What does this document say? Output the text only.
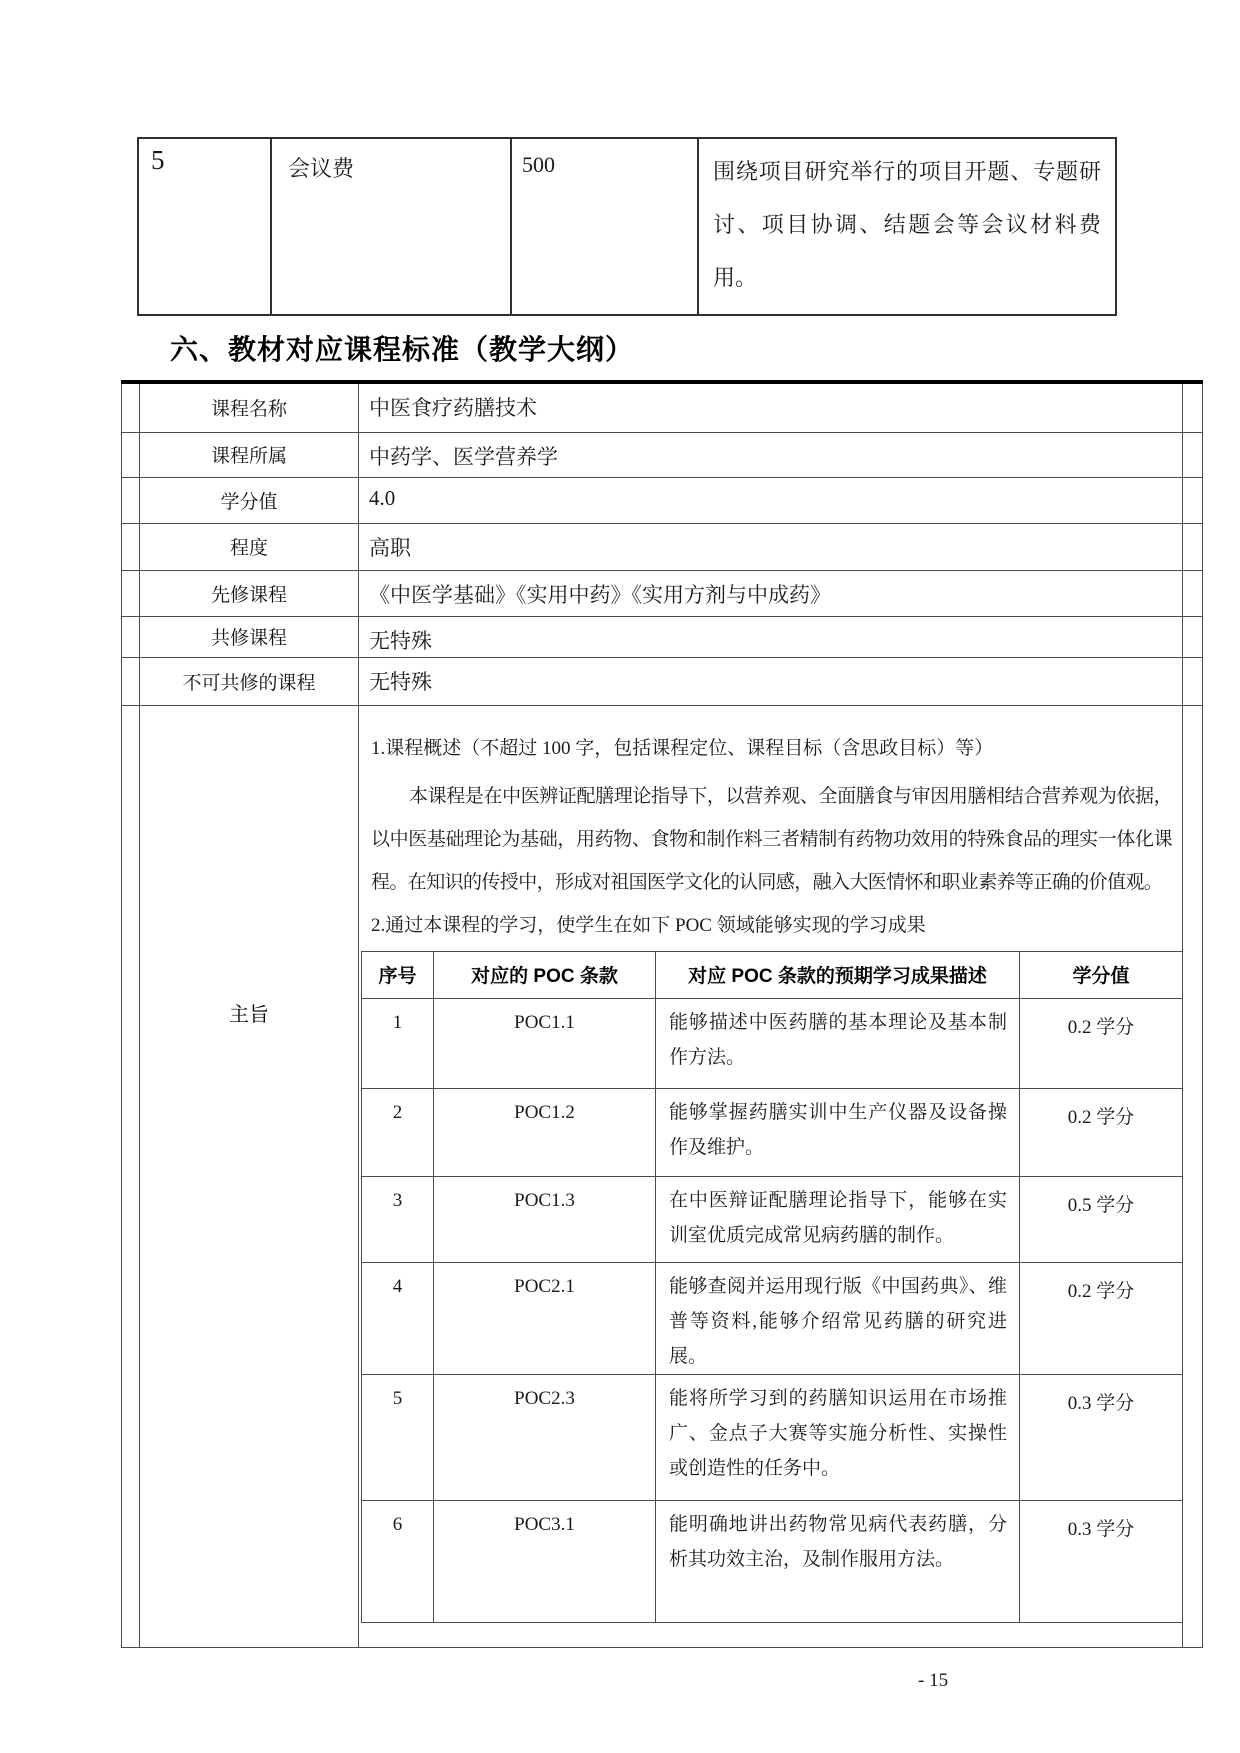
5	会议费	500	围绕项目研究举行的项目开题、专题研讨、项目协调、结题会等会议材料费用。
六、教材对应课程标准（教学大纲）
	课程名称	中医食疗药膳技术	
	课程所属	中药学、医学营养学	
	学分值	4.0	
	程度	高职	
	先修课程	《中医学基础》《实用中药》《实用方剂与中成药》	
	共修课程	无特殊	
	不可共修的课程	无特殊	

主旨

1.课程概述（不超过 100 字，包括课程定位、课程目标（含思政目标）等）
本课程是在中医辨证配膳理论指导下，以营养观、全面膳食与审因用膳相结合营养观为依据，以中医基础理论为基础，用药物、食物和制作料三者精制有药物功效用的特殊食品的理实一体化课程。在知识的传授中，形成对祖国医学文化的认同感，融入大医情怀和职业素养等正确的价值观。
2.通过本课程的学习，使学生在如下 POC 领域能够实现的学习成果
序号	对应的 POC 条款	对应 POC 条款的预期学习成果描述	学分值
1	POC1.1	能够描述中医药膳的基本理论及基本制作方法。	0.2 学分
2	POC1.2	能够掌握药膳实训中生产仪器及设备操作及维护。	0.2 学分
3	POC1.3	在中医辩证配膳理论指导下，能够在实训室优质完成常见病药膳的制作。	0.5 学分
4	POC2.1	能够查阅并运用现行版《中国药典》、维普等资料,能够介绍常见药膳的研究进展。	0.2 学分
5	POC2.3	能将所学习到的药膳知识运用在市场推广、金点子大赛等实施分析性、实操性或创造性的任务中。	0.3 学分
6	POC3.1	能明确地讲出药物常见病代表药膳，分析其功效主治，及制作服用方法。	0.3 学分

- 15
